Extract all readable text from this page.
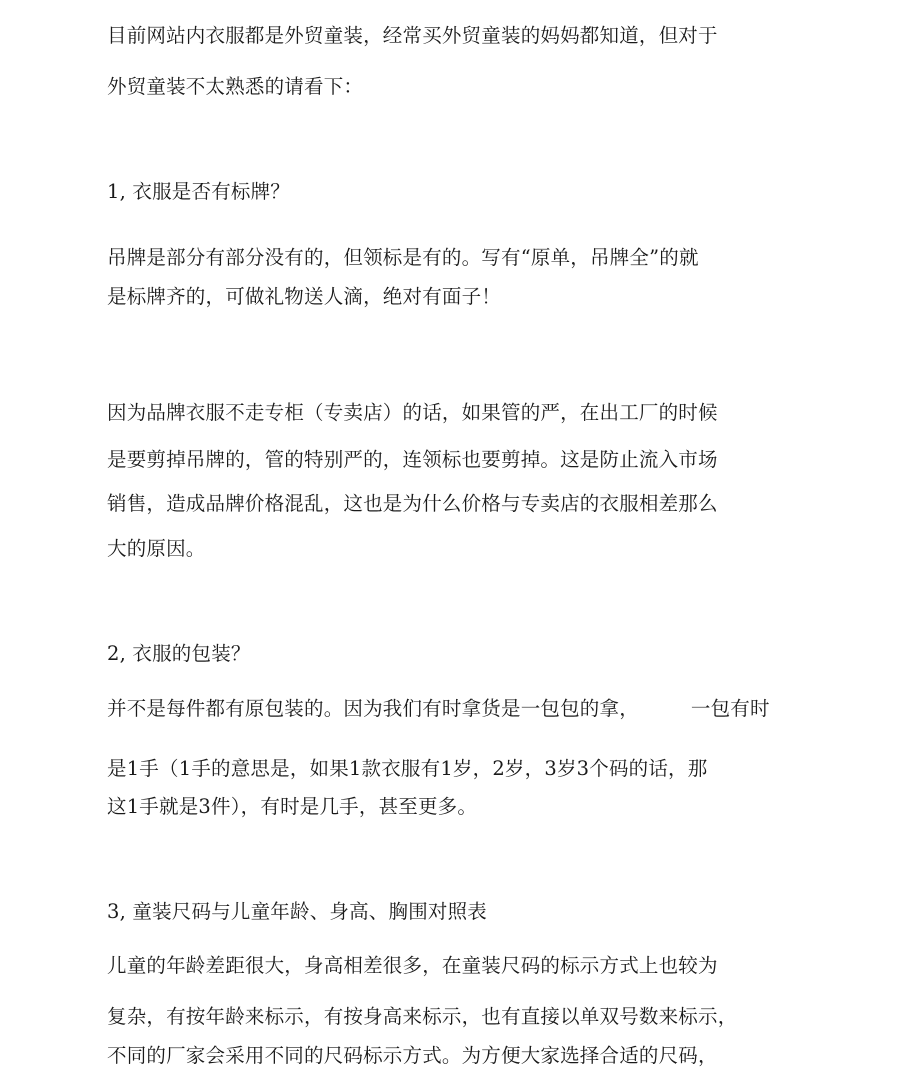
目前网站内衣服都是外贸童装，经常买外贸童装的妈妈都知道，但对于
外贸童装不太熟悉的请看下：
1, 衣服是否有标牌？
吊牌是部分有部分没有的，但领标是有的。写有“原单，吊牌全”的就
是标牌齐的，可做礼物送人滴，绝对有面子！
因为品牌衣服不走专柜（专卖店）的话，如果管的严，在出工厂的时候
是要剪掉吊牌的，管的特别严的，连领标也要剪掉。这是防止流入市场
销售，造成品牌价格混乱，这也是为什么价格与专卖店的衣服相差那么
大的原因。
2, 衣服的包装？
并不是每件都有原包装的。因为我们有时拿货是一包包的拿，	一包有时
是1手（1手的意思是，如果1款衣服有1岁，2岁，3岁3个码的话，那
这1手就是3件），有时是几手，甚至更多。
3, 童装尺码与儿童年龄、身高、胸围对照表
儿童的年龄差距很大，身高相差很多，在童装尺码的标示方式上也较为
复杂，有按年龄来标示，有按身高来标示，也有直接以单双号数来标示，
不同的厂家会采用不同的尺码标示方式。为方便大家选择合适的尺码，
